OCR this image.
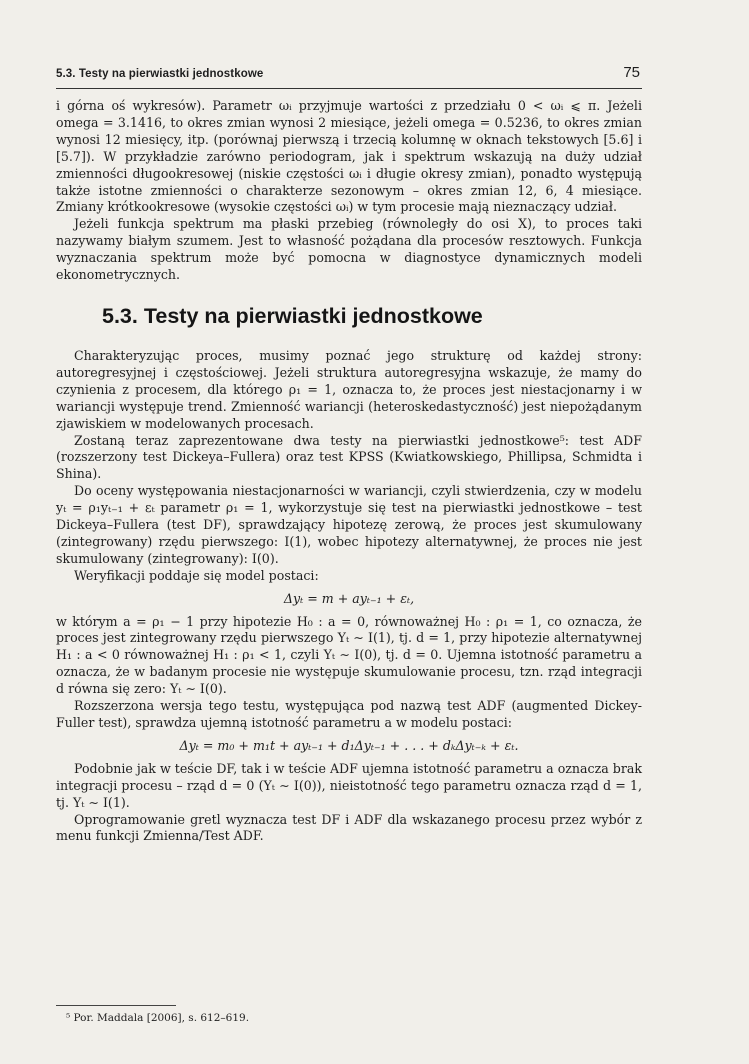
5.3. Testy na pierwiastki jednostkowe	75

i górna oś wykresów). Parametr ωᵢ przyjmuje wartości z przedziału 0 < ωᵢ ⩽ π. Jeżeli omega = 3.1416, to okres zmian wynosi 2 miesiące, jeżeli omega = 0.5236, to okres zmian wynosi 12 miesięcy, itp. (porównaj pierwszą i trzecią kolumnę w oknach tekstowych [5.6] i [5.7]). W przykładzie zarówno periodogram, jak i spektrum wskazują na duży udział zmienności długookresowej (niskie częstości ωᵢ i długie okresy zmian), ponadto występują także istotne zmienności o charakterze sezonowym – okres zmian 12, 6, 4 miesiące. Zmiany krótkookresowe (wysokie częstości ωᵢ) w tym procesie mają nieznaczący udział.

Jeżeli funkcja spektrum ma płaski przebieg (równoległy do osi X), to proces taki nazywamy białym szumem. Jest to własność pożądana dla procesów resztowych. Funkcja wyznaczania spektrum może być pomocna w diagnostyce dynamicznych modeli ekonometrycznych.

5.3. Testy na pierwiastki jednostkowe

Charakteryzując proces, musimy poznać jego strukturę od każdej strony: autoregresyjnej i częstościowej. Jeżeli struktura autoregresyjna wskazuje, że mamy do czynienia z procesem, dla którego ρ₁ = 1, oznacza to, że proces jest niestacjonarny i w wariancji występuje trend. Zmienność wariancji (heteroskedastyczność) jest niepożądanym zjawiskiem w modelowanych procesach.

Zostaną teraz zaprezentowane dwa testy na pierwiastki jednostkowe⁵: test ADF (rozszerzony test Dickeya–Fullera) oraz test KPSS (Kwiatkowskiego, Phillipsa, Schmidta i Shina).

Do oceny występowania niestacjonarności w wariancji, czyli stwierdzenia, czy w modelu yₜ = ρ₁yₜ₋₁ + εₜ parametr ρ₁ = 1, wykorzystuje się test na pierwiastki jednostkowe – test Dickeya–Fullera (test DF), sprawdzający hipotezę zerową, że proces jest skumulowany (zintegrowany) rzędu pierwszego: I(1), wobec hipotezy alternatywnej, że proces nie jest skumulowany (zintegrowany): I(0).

Weryfikacji poddaje się model postaci:

Δyₜ = m + ayₜ₋₁ + εₜ,

w którym a = ρ₁ − 1 przy hipotezie H₀ : a = 0, równoważnej H₀ : ρ₁ = 1, co oznacza, że proces jest zintegrowany rzędu pierwszego Yₜ ∼ I(1), tj. d = 1, przy hipotezie alternatywnej H₁ : a < 0 równoważnej H₁ : ρ₁ < 1, czyli Yₜ ∼ I(0), tj. d = 0. Ujemna istotność parametru a oznacza, że w badanym procesie nie występuje skumulowanie procesu, tzn. rząd integracji d równa się zero: Yₜ ∼ I(0).

Rozszerzona wersja tego testu, występująca pod nazwą test ADF (augmented Dickey-Fuller test), sprawdza ujemną istotność parametru a w modelu postaci:

Δyₜ = m₀ + m₁t + ayₜ₋₁ + d₁Δyₜ₋₁ + . . . + dₖΔyₜ₋ₖ + εₜ.

Podobnie jak w teście DF, tak i w teście ADF ujemna istotność parametru a oznacza brak integracji procesu – rząd d = 0 (Yₜ ∼ I(0)), nieistotność tego parametru oznacza rząd d = 1, tj. Yₜ ∼ I(1).

Oprogramowanie gretl wyznacza test DF i ADF dla wskazanego procesu przez wybór z menu funkcji Zmienna/Test ADF.

⁵ Por. Maddala [2006], s. 612–619.
